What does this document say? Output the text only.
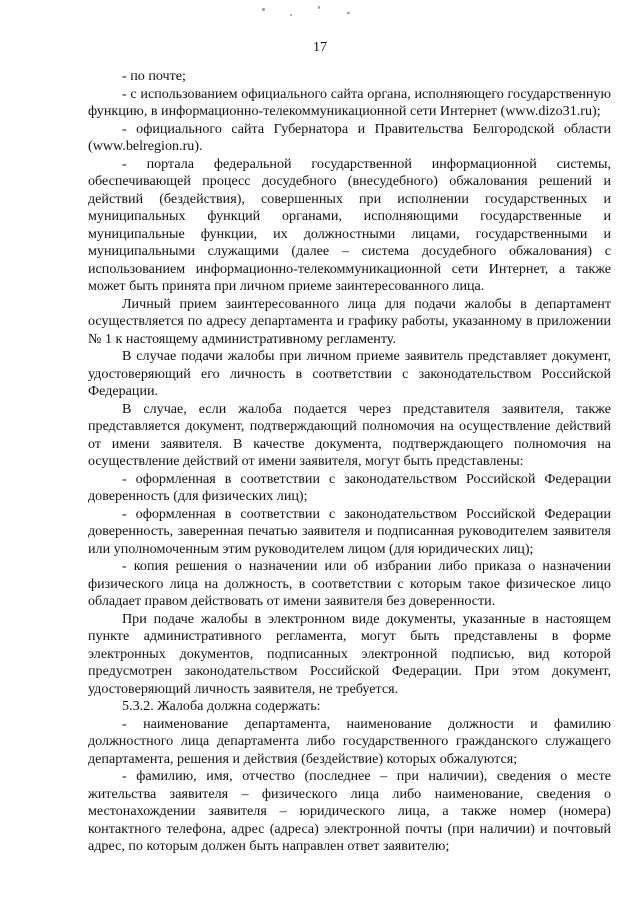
17

- по почте;

- с использованием официального сайта органа, исполняющего государственную функцию, в информационно-телекоммуникационной сети Интернет (www.dizo31.ru);

- официального сайта Губернатора и Правительства Белгородской области (www.belregion.ru).

- портала федеральной государственной информационной системы, обеспечивающей процесс досудебного (внесудебного) обжалования решений и действий (бездействия), совершенных при исполнении государственных и муниципальных функций органами, исполняющими государственные и муниципальные функции, их должностными лицами, государственными и муниципальными служащими (далее – система досудебного обжалования) с использованием информационно-телекоммуникационной сети Интернет, а также может быть принята при личном приеме заинтересованного лица.

Личный прием заинтересованного лица для подачи жалобы в департамент осуществляется по адресу департамента и графику работы, указанному в приложении № 1 к настоящему административному регламенту.

В случае подачи жалобы при личном приеме заявитель представляет документ, удостоверяющий его личность в соответствии с законодательством Российской Федерации.

В случае, если жалоба подается через представителя заявителя, также представляется документ, подтверждающий полномочия на осуществление действий от имени заявителя. В качестве документа, подтверждающего полномочия на осуществление действий от имени заявителя, могут быть представлены:

- оформленная в соответствии с законодательством Российской Федерации доверенность (для физических лиц);

- оформленная в соответствии с законодательством Российской Федерации доверенность, заверенная печатью заявителя и подписанная руководителем заявителя или уполномоченным этим руководителем лицом (для юридических лиц);

- копия решения о назначении или об избрании либо приказа о назначении физического лица на должность, в соответствии с которым такое физическое лицо обладает правом действовать от имени заявителя без доверенности.

При подаче жалобы в электронном виде документы, указанные в настоящем пункте административного регламента, могут быть представлены в форме электронных документов, подписанных электронной подписью, вид которой предусмотрен законодательством Российской Федерации. При этом документ, удостоверяющий личность заявителя, не требуется.

5.3.2. Жалоба должна содержать:

- наименование департамента, наименование должности и фамилию должностного лица департамента либо государственного гражданского служащего департамента, решения и действия (бездействие) которых обжалуются;

- фамилию, имя, отчество (последнее – при наличии), сведения о месте жительства заявителя – физического лица либо наименование, сведения о местонахождении заявителя – юридического лица, а также номер (номера) контактного телефона, адрес (адреса) электронной почты (при наличии) и почтовый адрес, по которым должен быть направлен ответ заявителю;
